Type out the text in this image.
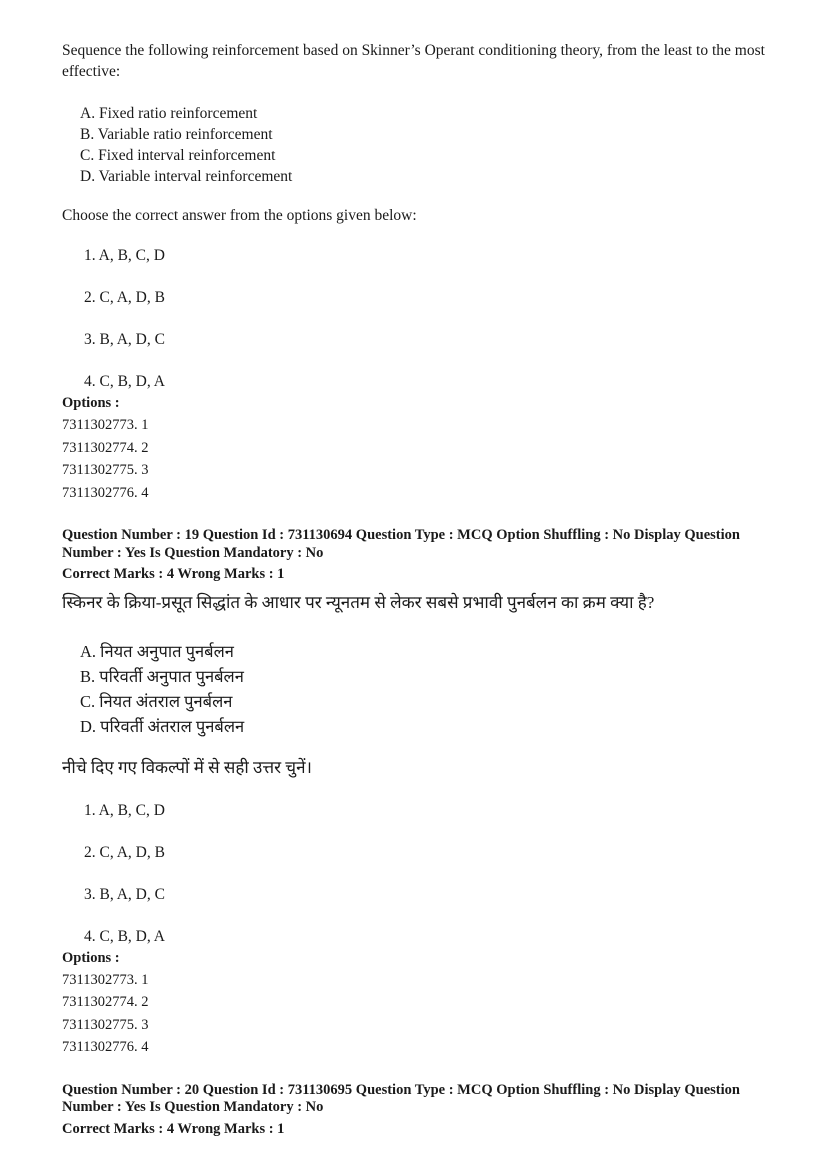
Sequence the following reinforcement based on Skinner’s Operant conditioning theory, from the least to the most effective:

A. Fixed ratio reinforcement
B. Variable ratio reinforcement
C. Fixed interval reinforcement
D. Variable interval reinforcement

Choose the correct answer from the options given below:

1. A, B, C, D
2. C, A, D, B
3. B, A, D, C
4. C, B, D, A
Options :
7311302773. 1
7311302774. 2
7311302775. 3
7311302776. 4

Question Number : 19 Question Id : 731130694 Question Type : MCQ Option Shuffling : No Display Question Number : Yes Is Question Mandatory : No

Correct Marks : 4 Wrong Marks : 1

स्किनर के क्रिया-प्रसूत सिद्धांत के आधार पर न्यूनतम से लेकर सबसे प्रभावी पुनर्बलन का क्रम क्या है?

A. नियत अनुपात पुनर्बलन
B. परिवर्ती अनुपात पुनर्बलन
C. नियत अंतराल पुनर्बलन
D. परिवर्ती अंतराल पुनर्बलन

नीचे दिए गए विकल्पों में से सही उत्तर चुनें।

1. A, B, C, D
2. C, A, D, B
3. B, A, D, C
4. C, B, D, A
Options :
7311302773. 1
7311302774. 2
7311302775. 3
7311302776. 4

Question Number : 20 Question Id : 731130695 Question Type : MCQ Option Shuffling : No Display Question Number : Yes Is Question Mandatory : No

Correct Marks : 4 Wrong Marks : 1
